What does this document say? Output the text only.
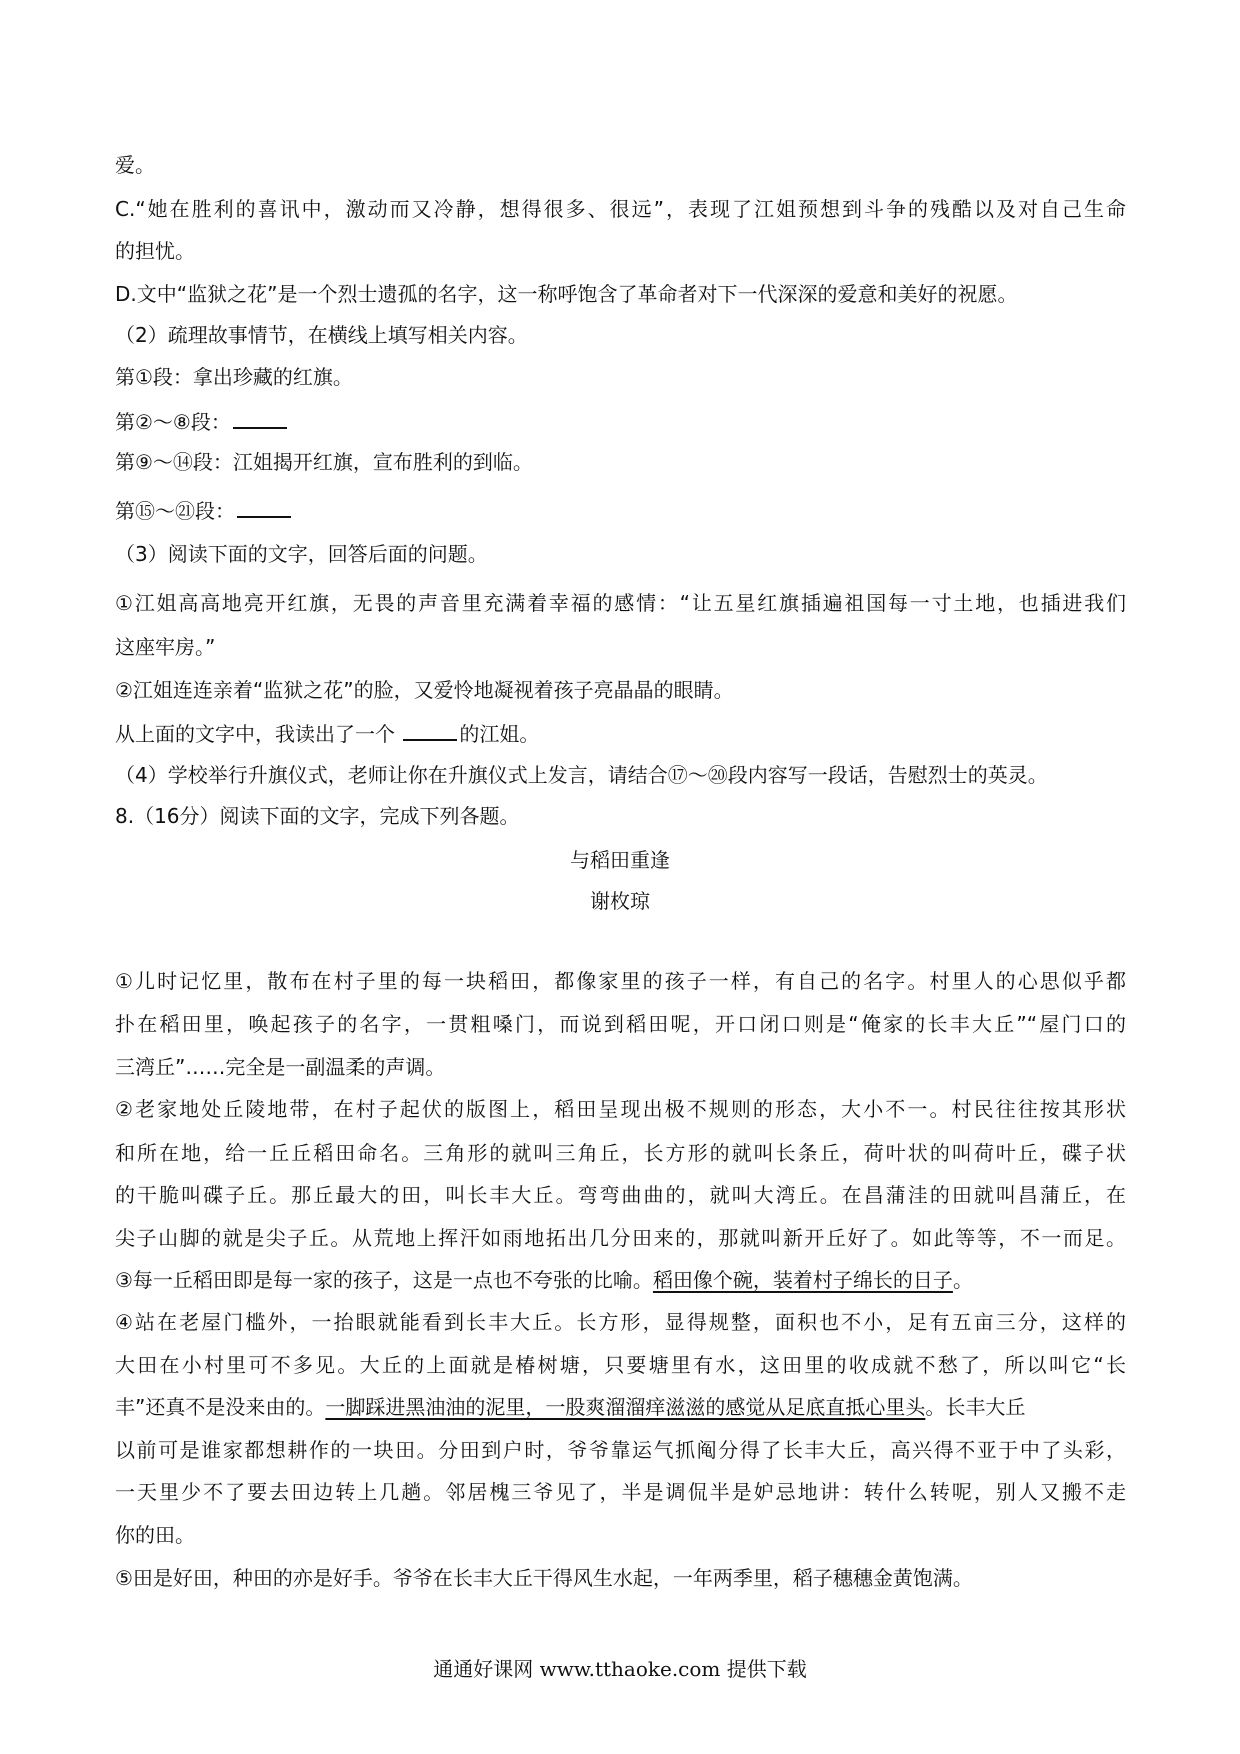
爱。
C.“她在胜利的喜讯中，激动而又冷静，想得很多、很远”，表现了江姐预想到斗争的残酷以及对自己生命
的担忧。
D.文中“监狱之花”是一个烈士遗孤的名字，这一称呼饱含了革命者对下一代深深的爱意和美好的祝愿。
（2）疏理故事情节，在横线上填写相关内容。
第①段：拿出珍藏的红旗。
第②～⑧段：
第⑨～⑭段：江姐揭开红旗，宣布胜利的到临。
第⑮～㉑段：
（3）阅读下面的文字，回答后面的问题。
①江姐高高地亮开红旗，无畏的声音里充满着幸福的感情：“让五星红旗插遍祖国每一寸土地，也插进我们
这座牢房。”
②江姐连连亲着“监狱之花”的脸，又爱怜地凝视着孩子亮晶晶的眼睛。
从上面的文字中，我读出了一个	的江姐。
（4）学校举行升旗仪式，老师让你在升旗仪式上发言，请结合⑰～⑳段内容写一段话，告慰烈士的英灵。
8.（16分）阅读下面的文字，完成下列各题。
与稻田重逢
谢枚琼
①儿时记忆里，散布在村子里的每一块稻田，都像家里的孩子一样，有自己的名字。村里人的心思似乎都
扑在稻田里，唤起孩子的名字，一贯粗嗓门，而说到稻田呢，开口闭口则是“俺家的长丰大丘”“屋门口的
三湾丘”……完全是一副温柔的声调。
②老家地处丘陵地带，在村子起伏的版图上，稻田呈现出极不规则的形态，大小不一。村民往往按其形状
和所在地，给一丘丘稻田命名。三角形的就叫三角丘，长方形的就叫长条丘，荷叶状的叫荷叶丘，碟子状
的干脆叫碟子丘。那丘最大的田，叫长丰大丘。弯弯曲曲的，就叫大湾丘。在昌蒲洼的田就叫昌蒲丘，在
尖子山脚的就是尖子丘。从荒地上挥汗如雨地拓出几分田来的，那就叫新开丘好了。如此等等，不一而足。
③每一丘稻田即是每一家的孩子，这是一点也不夸张的比喻。稻田像个碗，装着村子绵长的日子。
④站在老屋门槛外，一抬眼就能看到长丰大丘。长方形，显得规整，面积也不小，足有五亩三分，这样的
大田在小村里可不多见。大丘的上面就是椿树塘，只要塘里有水，这田里的收成就不愁了，所以叫它“长
丰”还真不是没来由的。一脚踩进黑油油的泥里，一股爽溜溜痒滋滋的感觉从足底直抵心里头。长丰大丘
以前可是谁家都想耕作的一块田。分田到户时，爷爷靠运气抓阄分得了长丰大丘，高兴得不亚于中了头彩，
一天里少不了要去田边转上几趟。邻居槐三爷见了，半是调侃半是妒忌地讲：转什么转呢，别人又搬不走
你的田。
⑤田是好田，种田的亦是好手。爷爷在长丰大丘干得风生水起，一年两季里，稻子穗穗金黄饱满。
通通好课网 www.tthaoke.com 提供下载
